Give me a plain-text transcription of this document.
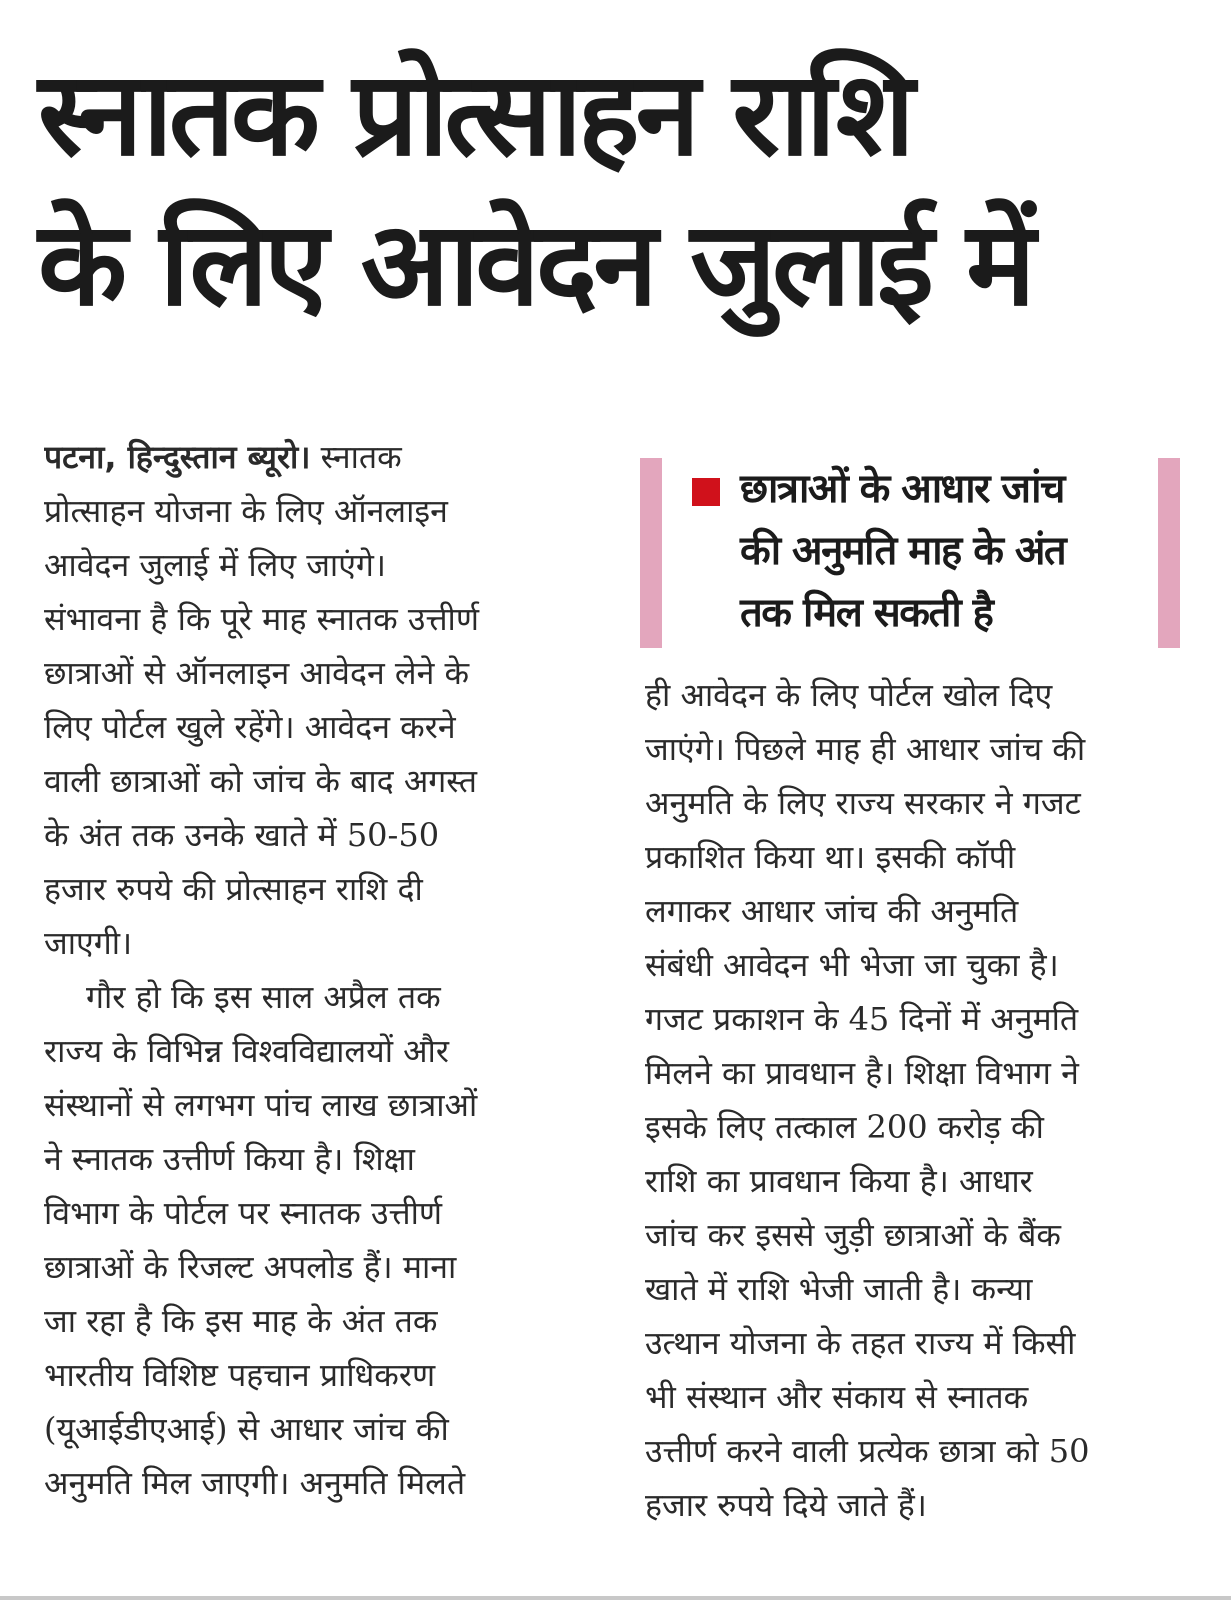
स्नातक प्रोत्साहन राशि
के लिए आवेदन जुलाई में
पटना, हिन्दुस्तान ब्यूरो। स्नातक
प्रोत्साहन योजना के लिए ऑनलाइन
आवेदन जुलाई में लिए जाएंगे।
संभावना है कि पूरे माह स्नातक उत्तीर्ण
छात्राओं से ऑनलाइन आवेदन लेने के
लिए पोर्टल खुले रहेंगे। आवेदन करने
वाली छात्राओं को जांच के बाद अगस्त
के अंत तक उनके खाते में 50-50
हजार रुपये की प्रोत्साहन राशि दी
जाएगी।
गौर हो कि इस साल अप्रैल तक
राज्य के विभिन्न विश्वविद्यालयों और
संस्थानों से लगभग पांच लाख छात्राओं
ने स्नातक उत्तीर्ण किया है। शिक्षा
विभाग के पोर्टल पर स्नातक उत्तीर्ण
छात्राओं के रिजल्ट अपलोड हैं। माना
जा रहा है कि इस माह के अंत तक
भारतीय विशिष्ट पहचान प्राधिकरण
(यूआईडीएआई) से आधार जांच की
अनुमति मिल जाएगी। अनुमति मिलते
छात्राओं के आधार जांच
की अनुमति माह के अंत
तक मिल सकती है
ही आवेदन के लिए पोर्टल खोल दिए
जाएंगे। पिछले माह ही आधार जांच की
अनुमति के लिए राज्य सरकार ने गजट
प्रकाशित किया था। इसकी कॉपी
लगाकर आधार जांच की अनुमति
संबंधी आवेदन भी भेजा जा चुका है।
गजट प्रकाशन के 45 दिनों में अनुमति
मिलने का प्रावधान है। शिक्षा विभाग ने
इसके लिए तत्काल 200 करोड़ की
राशि का प्रावधान किया है। आधार
जांच कर इससे जुड़ी छात्राओं के बैंक
खाते में राशि भेजी जाती है। कन्या
उत्थान योजना के तहत राज्य में किसी
भी संस्थान और संकाय से स्नातक
उत्तीर्ण करने वाली प्रत्येक छात्रा को 50
हजार रुपये दिये जाते हैं।
